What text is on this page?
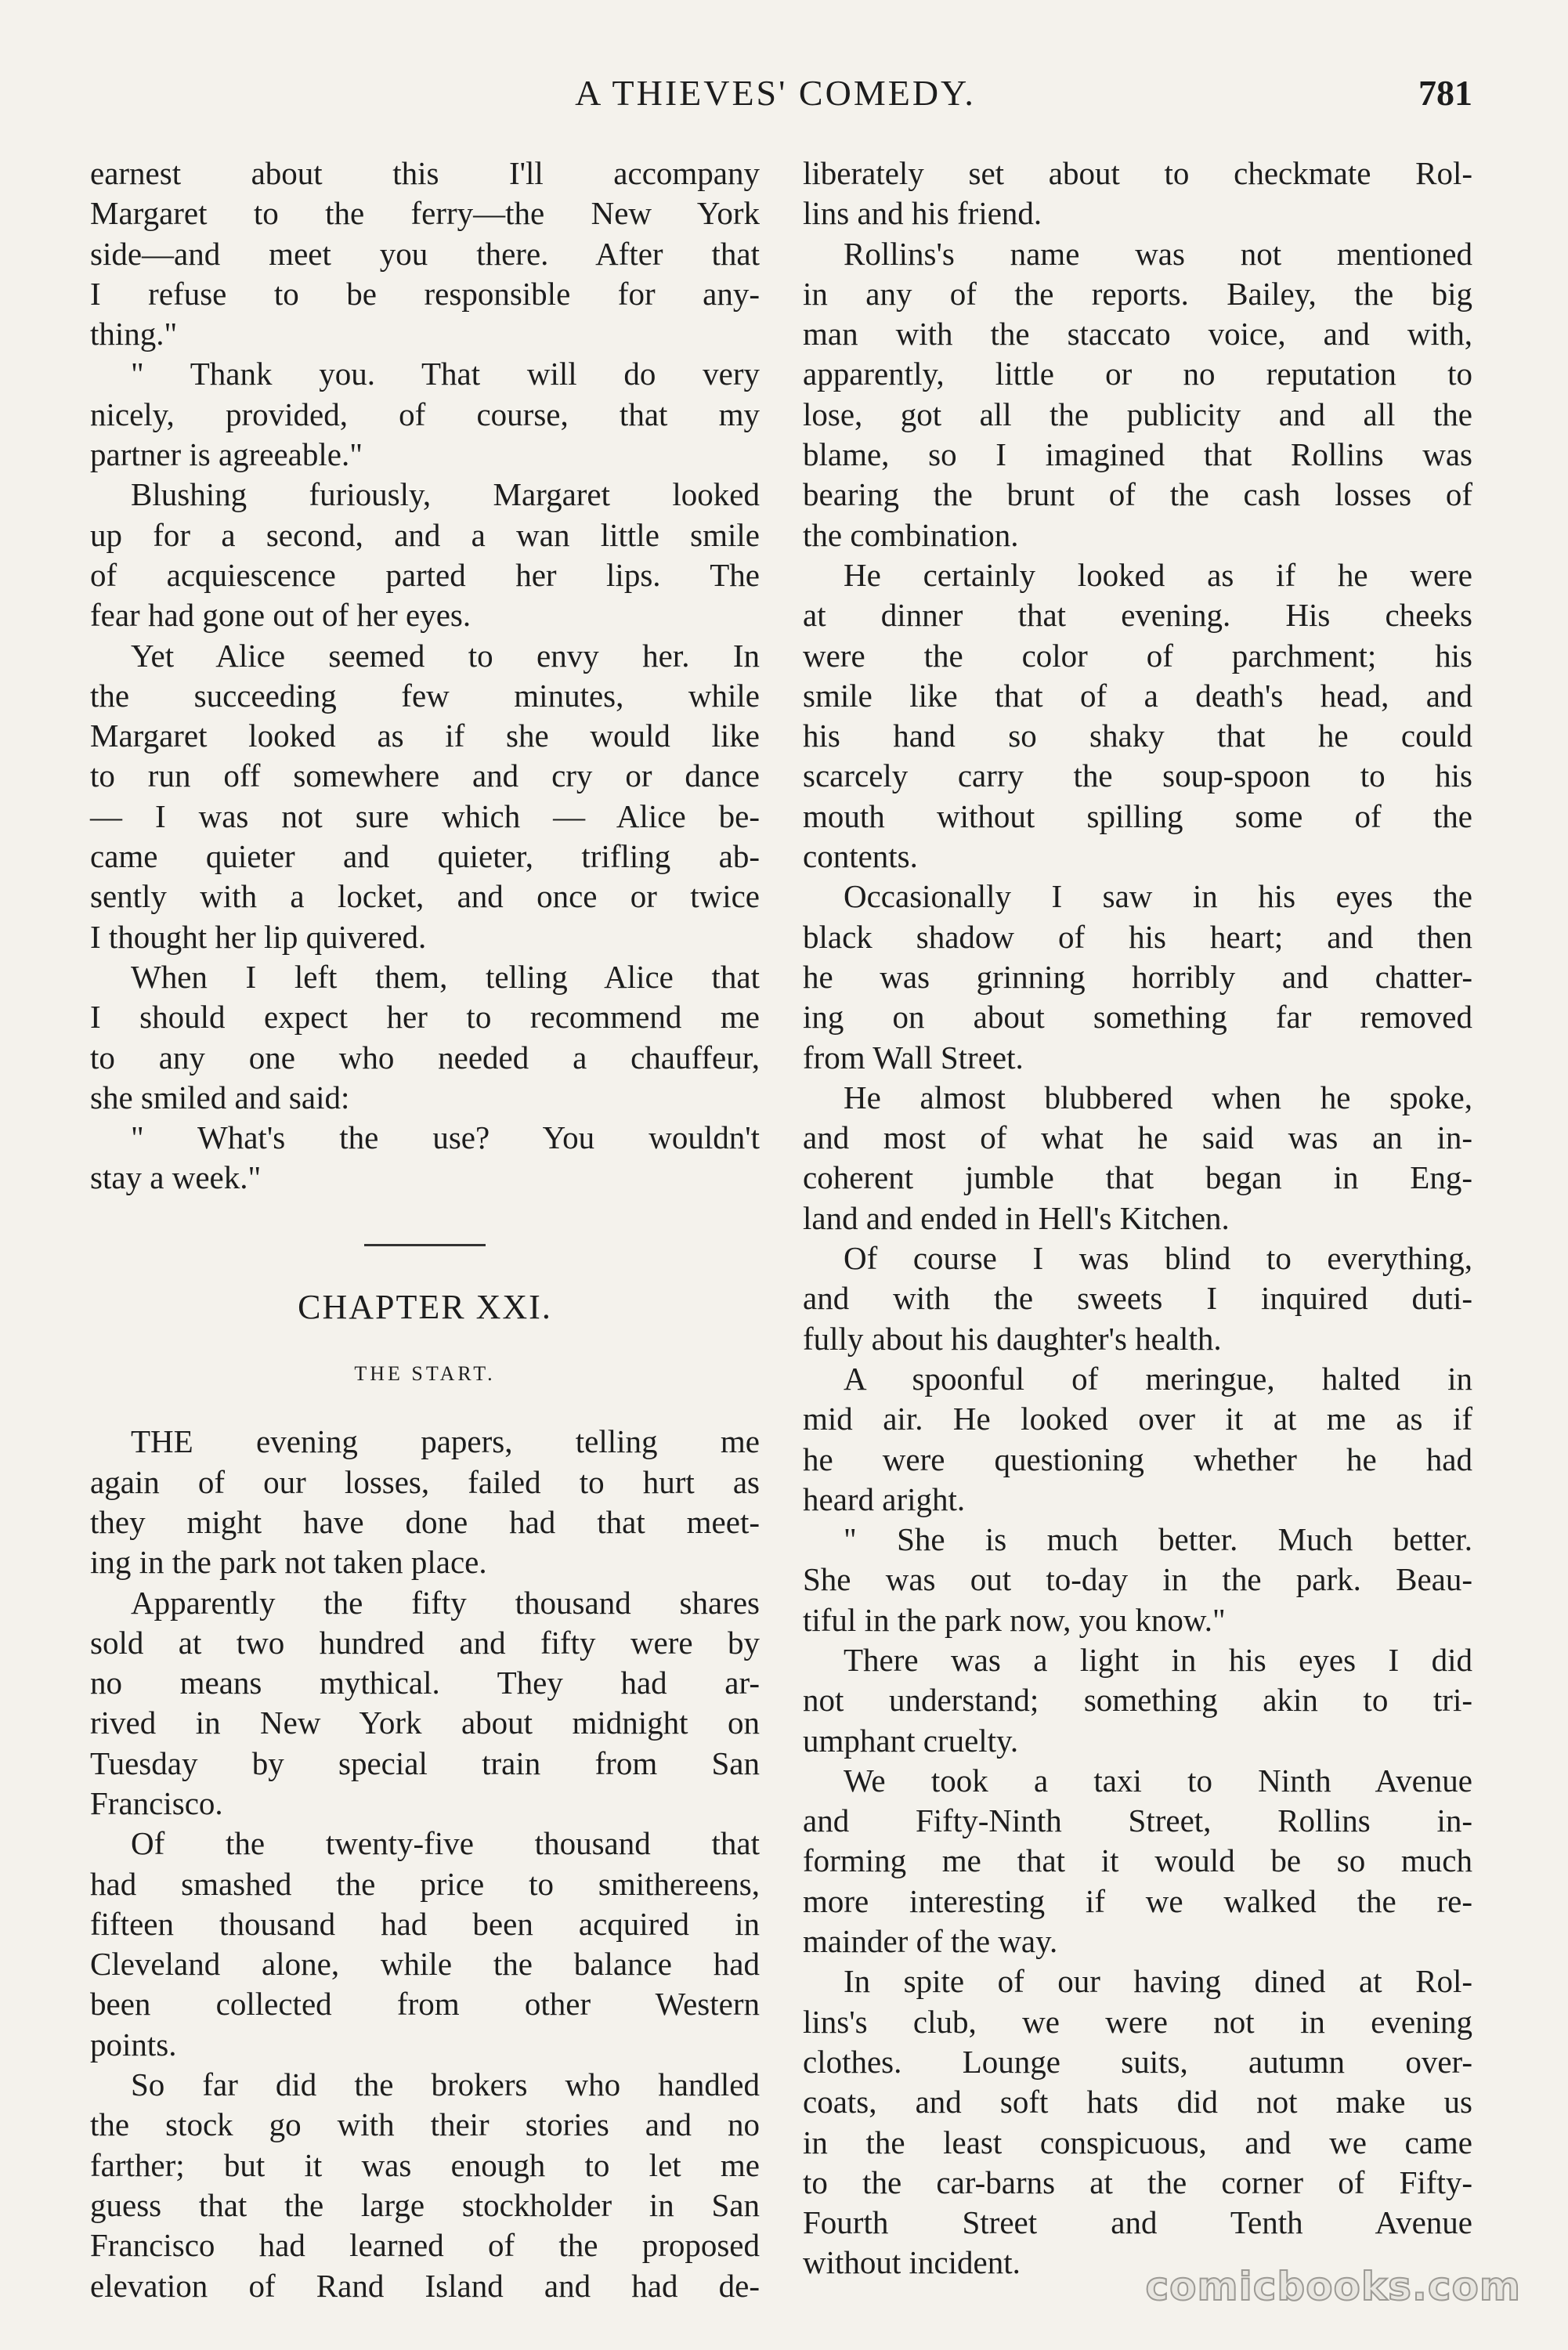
A THIEVES' COMEDY.	781
earnest about this I'll accompany
Margaret to the ferry—the New York
side—and meet you there. After that
I refuse to be responsible for any-
thing."
" Thank you. That will do very
nicely, provided, of course, that my
partner is agreeable."
Blushing furiously, Margaret looked
up for a second, and a wan little smile
of acquiescence parted her lips. The
fear had gone out of her eyes.
Yet Alice seemed to envy her. In
the succeeding few minutes, while
Margaret looked as if she would like
to run off somewhere and cry or dance
— I was not sure which — Alice be-
came quieter and quieter, trifling ab-
sently with a locket, and once or twice
I thought her lip quivered.
When I left them, telling Alice that
I should expect her to recommend me
to any one who needed a chauffeur,
she smiled and said:
" What's the use? You wouldn't
stay a week."
CHAPTER XXI.
THE START.
THE evening papers, telling me
again of our losses, failed to hurt as
they might have done had that meet-
ing in the park not taken place.
Apparently the fifty thousand shares
sold at two hundred and fifty were by
no means mythical. They had ar-
rived in New York about midnight on
Tuesday by special train from San
Francisco.
Of the twenty-five thousand that
had smashed the price to smithereens,
fifteen thousand had been acquired in
Cleveland alone, while the balance had
been collected from other Western
points.
So far did the brokers who handled
the stock go with their stories and no
farther; but it was enough to let me
guess that the large stockholder in San
Francisco had learned of the proposed
elevation of Rand Island and had de-
liberately set about to checkmate Rol-
lins and his friend.
Rollins's name was not mentioned
in any of the reports. Bailey, the big
man with the staccato voice, and with,
apparently, little or no reputation to
lose, got all the publicity and all the
blame, so I imagined that Rollins was
bearing the brunt of the cash losses of
the combination.
He certainly looked as if he were
at dinner that evening. His cheeks
were the color of parchment; his
smile like that of a death's head, and
his hand so shaky that he could
scarcely carry the soup-spoon to his
mouth without spilling some of the
contents.
Occasionally I saw in his eyes the
black shadow of his heart; and then
he was grinning horribly and chatter-
ing on about something far removed
from Wall Street.
He almost blubbered when he spoke,
and most of what he said was an in-
coherent jumble that began in Eng-
land and ended in Hell's Kitchen.
Of course I was blind to everything,
and with the sweets I inquired duti-
fully about his daughter's health.
A spoonful of meringue, halted in
mid air. He looked over it at me as if
he were questioning whether he had
heard aright.
" She is much better. Much better.
She was out to-day in the park. Beau-
tiful in the park now, you know."
There was a light in his eyes I did
not understand; something akin to tri-
umphant cruelty.
We took a taxi to Ninth Avenue
and Fifty-Ninth Street, Rollins in-
forming me that it would be so much
more interesting if we walked the re-
mainder of the way.
In spite of our having dined at Rol-
lins's club, we were not in evening
clothes. Lounge suits, autumn over-
coats, and soft hats did not make us
in the least conspicuous, and we came
to the car-barns at the corner of Fifty-
Fourth Street and Tenth Avenue
without incident.
comicbooks.com
